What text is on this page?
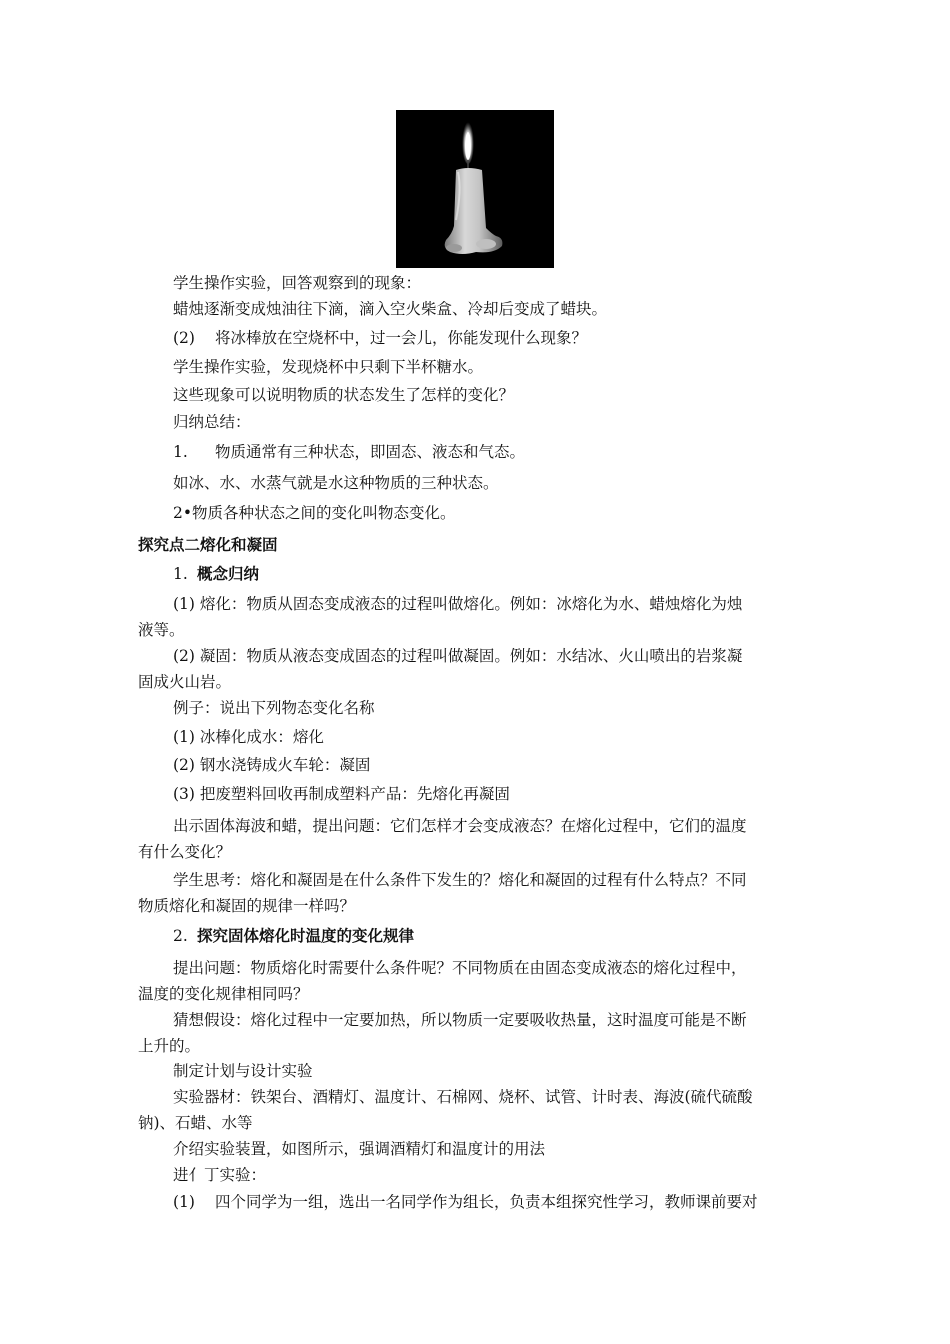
学生操作实验，回答观察到的现象：
蜡烛逐渐变成烛油往下滴，滴入空火柴盒、冷却后变成了蜡块。
(2) 将冰棒放在空烧杯中，过一会儿，你能发现什么现象？
学生操作实验，发现烧杯中只剩下半杯糖水。
这些现象可以说明物质的状态发生了怎样的变化？
归纳总结：
1. 物质通常有三种状态，即固态、液态和气态。
如冰、水、水蒸气就是水这种物质的三种状态。
2•物质各种状态之间的变化叫物态变化。
探究点二熔化和凝固
1. 概念归纳
(1) 熔化：物质从固态变成液态的过程叫做熔化。例如：冰熔化为水、蜡烛熔化为烛
液等。
(2) 凝固：物质从液态变成固态的过程叫做凝固。例如：水结冰、火山喷出的岩浆凝
固成火山岩。
例子：说出下列物态变化名称
(1) 冰棒化成水：熔化
(2) 钢水浇铸成火车轮：凝固
(3) 把废塑料回收再制成塑料产品：先熔化再凝固
出示固体海波和蜡，提出问题：它们怎样才会变成液态？在熔化过程中，它们的温度
有什么变化？
学生思考：熔化和凝固是在什么条件下发生的？熔化和凝固的过程有什么特点？不同
物质熔化和凝固的规律一样吗？
2. 探究固体熔化时温度的变化规律
提出问题：物质熔化时需要什么条件呢？不同物质在由固态变成液态的熔化过程中，
温度的变化规律相同吗？
猜想假设：熔化过程中一定要加热，所以物质一定要吸收热量，这时温度可能是不断
上升的。
制定计划与设计实验
实验器材：铁架台、酒精灯、温度计、石棉网、烧杯、试管、计时表、海波(硫代硫酸
钠)、石蜡、水等
介绍实验装置，如图所示，强调酒精灯和温度计的用法
进亻丁实验：
(1) 四个同学为一组，选出一名同学作为组长，负责本组探究性学习，教师课前要对
